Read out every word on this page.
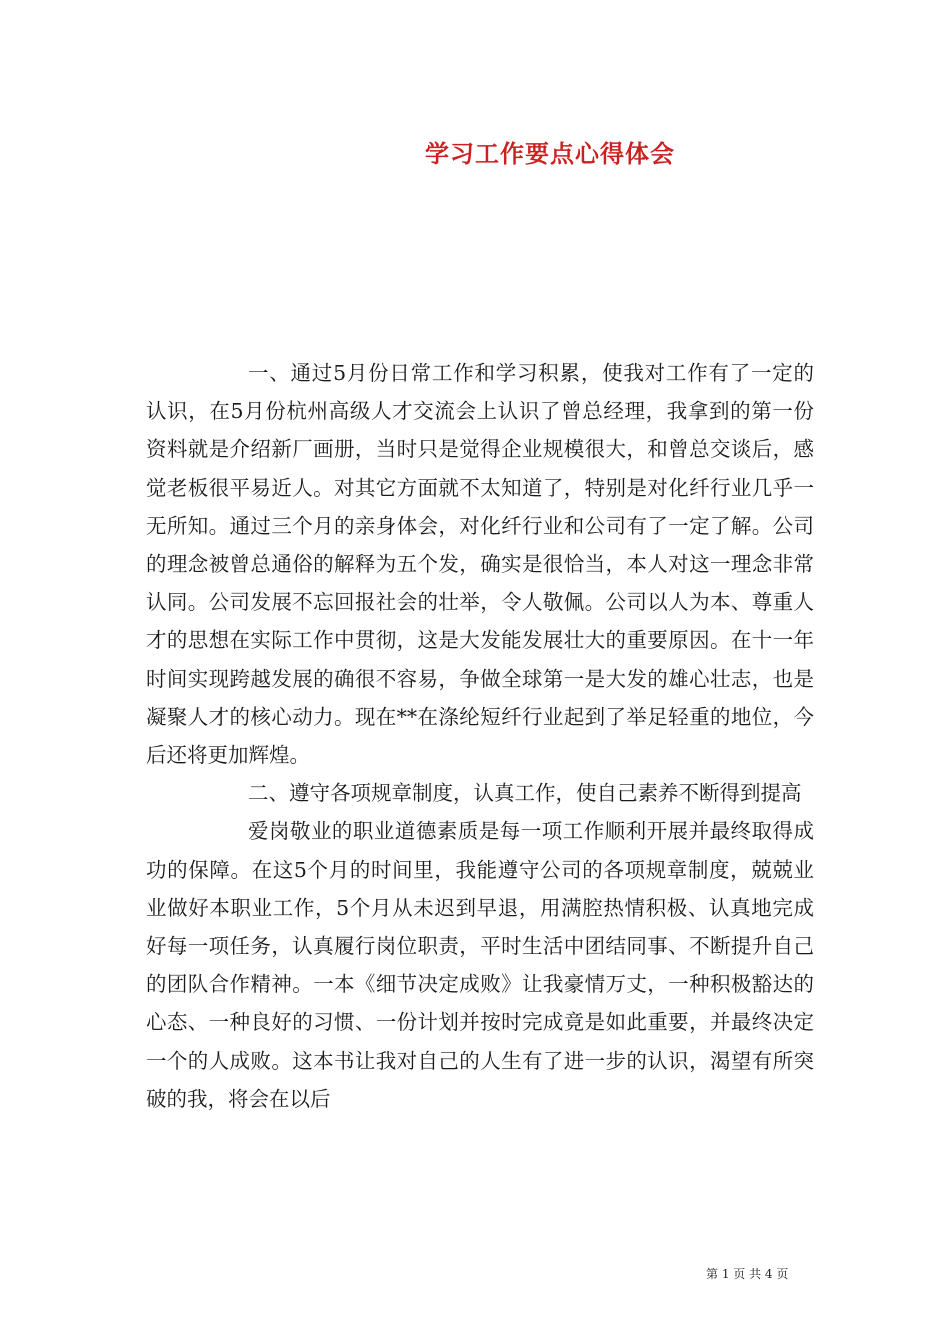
学习工作要点心得体会

一、通过5月份日常工作和学习积累，使我对工作有了一定的认识，在5月份杭州高级人才交流会上认识了曾总经理，我拿到的第一份资料就是介绍新厂画册，当时只是觉得企业规模很大，和曾总交谈后，感觉老板很平易近人。对其它方面就不太知道了，特别是对化纤行业几乎一无所知。通过三个月的亲身体会，对化纤行业和公司有了一定了解。公司的理念被曾总通俗的解释为五个发，确实是很恰当，本人对这一理念非常认同。公司发展不忘回报社会的壮举，令人敬佩。公司以人为本、尊重人才的思想在实际工作中贯彻，这是大发能发展壮大的重要原因。在十一年时间实现跨越发展的确很不容易，争做全球第一是大发的雄心壮志，也是凝聚人才的核心动力。现在**在涤纶短纤行业起到了举足轻重的地位，今后还将更加辉煌。

二、遵守各项规章制度，认真工作，使自己素养不断得到提高

爱岗敬业的职业道德素质是每一项工作顺利开展并最终取得成功的保障。在这5个月的时间里，我能遵守公司的各项规章制度，兢兢业业做好本职业工作，5个月从未迟到早退，用满腔热情积极、认真地完成好每一项任务，认真履行岗位职责，平时生活中团结同事、不断提升自己的团队合作精神。一本《细节决定成败》让我豪情万丈，一种积极豁达的心态、一种良好的习惯、一份计划并按时完成竟是如此重要，并最终决定一个的人成败。这本书让我对自己的人生有了进一步的认识，渴望有所突破的我，将会在以后

第 1 页 共 4 页
